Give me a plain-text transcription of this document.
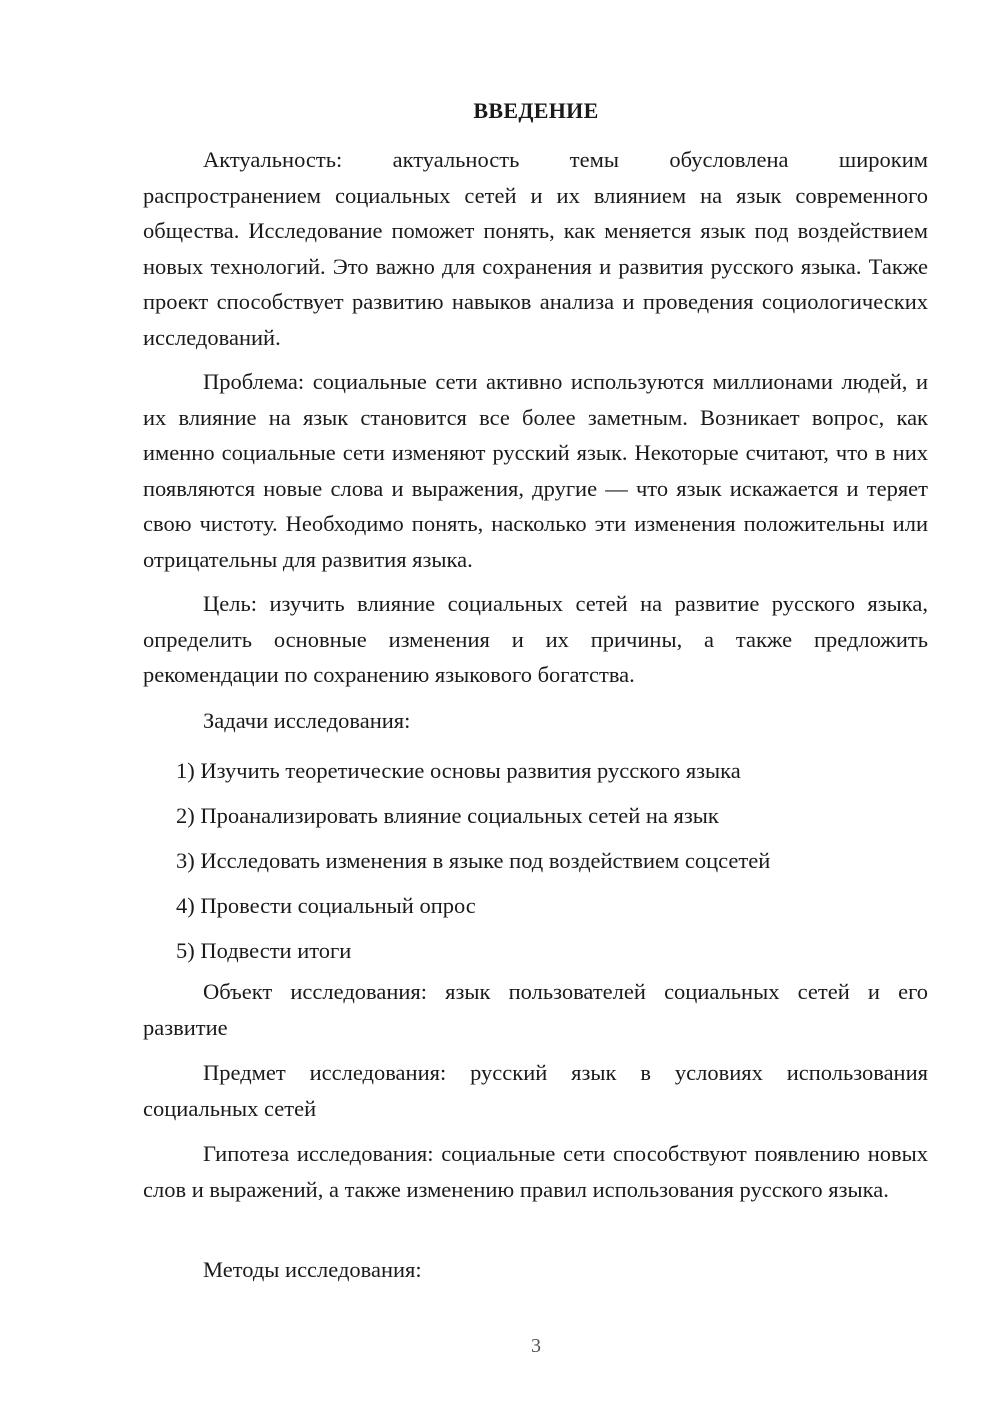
ВВЕДЕНИЕ

Актуальность: актуальность темы обусловлена широким распространением социальных сетей и их влиянием на язык современного общества. Исследование поможет понять, как меняется язык под воздействием новых технологий. Это важно для сохранения и развития русского языка. Также проект способствует развитию навыков анализа и проведения социологических исследований.

Проблема: социальные сети активно используются миллионами людей, и их влияние на язык становится все более заметным. Возникает вопрос, как именно социальные сети изменяют русский язык. Некоторые считают, что в них появляются новые слова и выражения, другие — что язык искажается и теряет свою чистоту. Необходимо понять, насколько эти изменения положительны или отрицательны для развития языка.

Цель: изучить влияние социальных сетей на развитие русского языка, определить основные изменения и их причины, а также предложить рекомендации по сохранению языкового богатства.

Задачи исследования:

1) Изучить теоретические основы развития русского языка
2) Проанализировать влияние социальных сетей на язык
3) Исследовать изменения в языке под воздействием соцсетей
4) Провести социальный опрос
5) Подвести итоги

Объект исследования: язык пользователей социальных сетей и его развитие

Предмет исследования: русский язык в условиях использования социальных сетей

Гипотеза исследования: социальные сети способствуют появлению новых слов и выражений, а также изменению правил использования русского языка.

Методы исследования:

3
